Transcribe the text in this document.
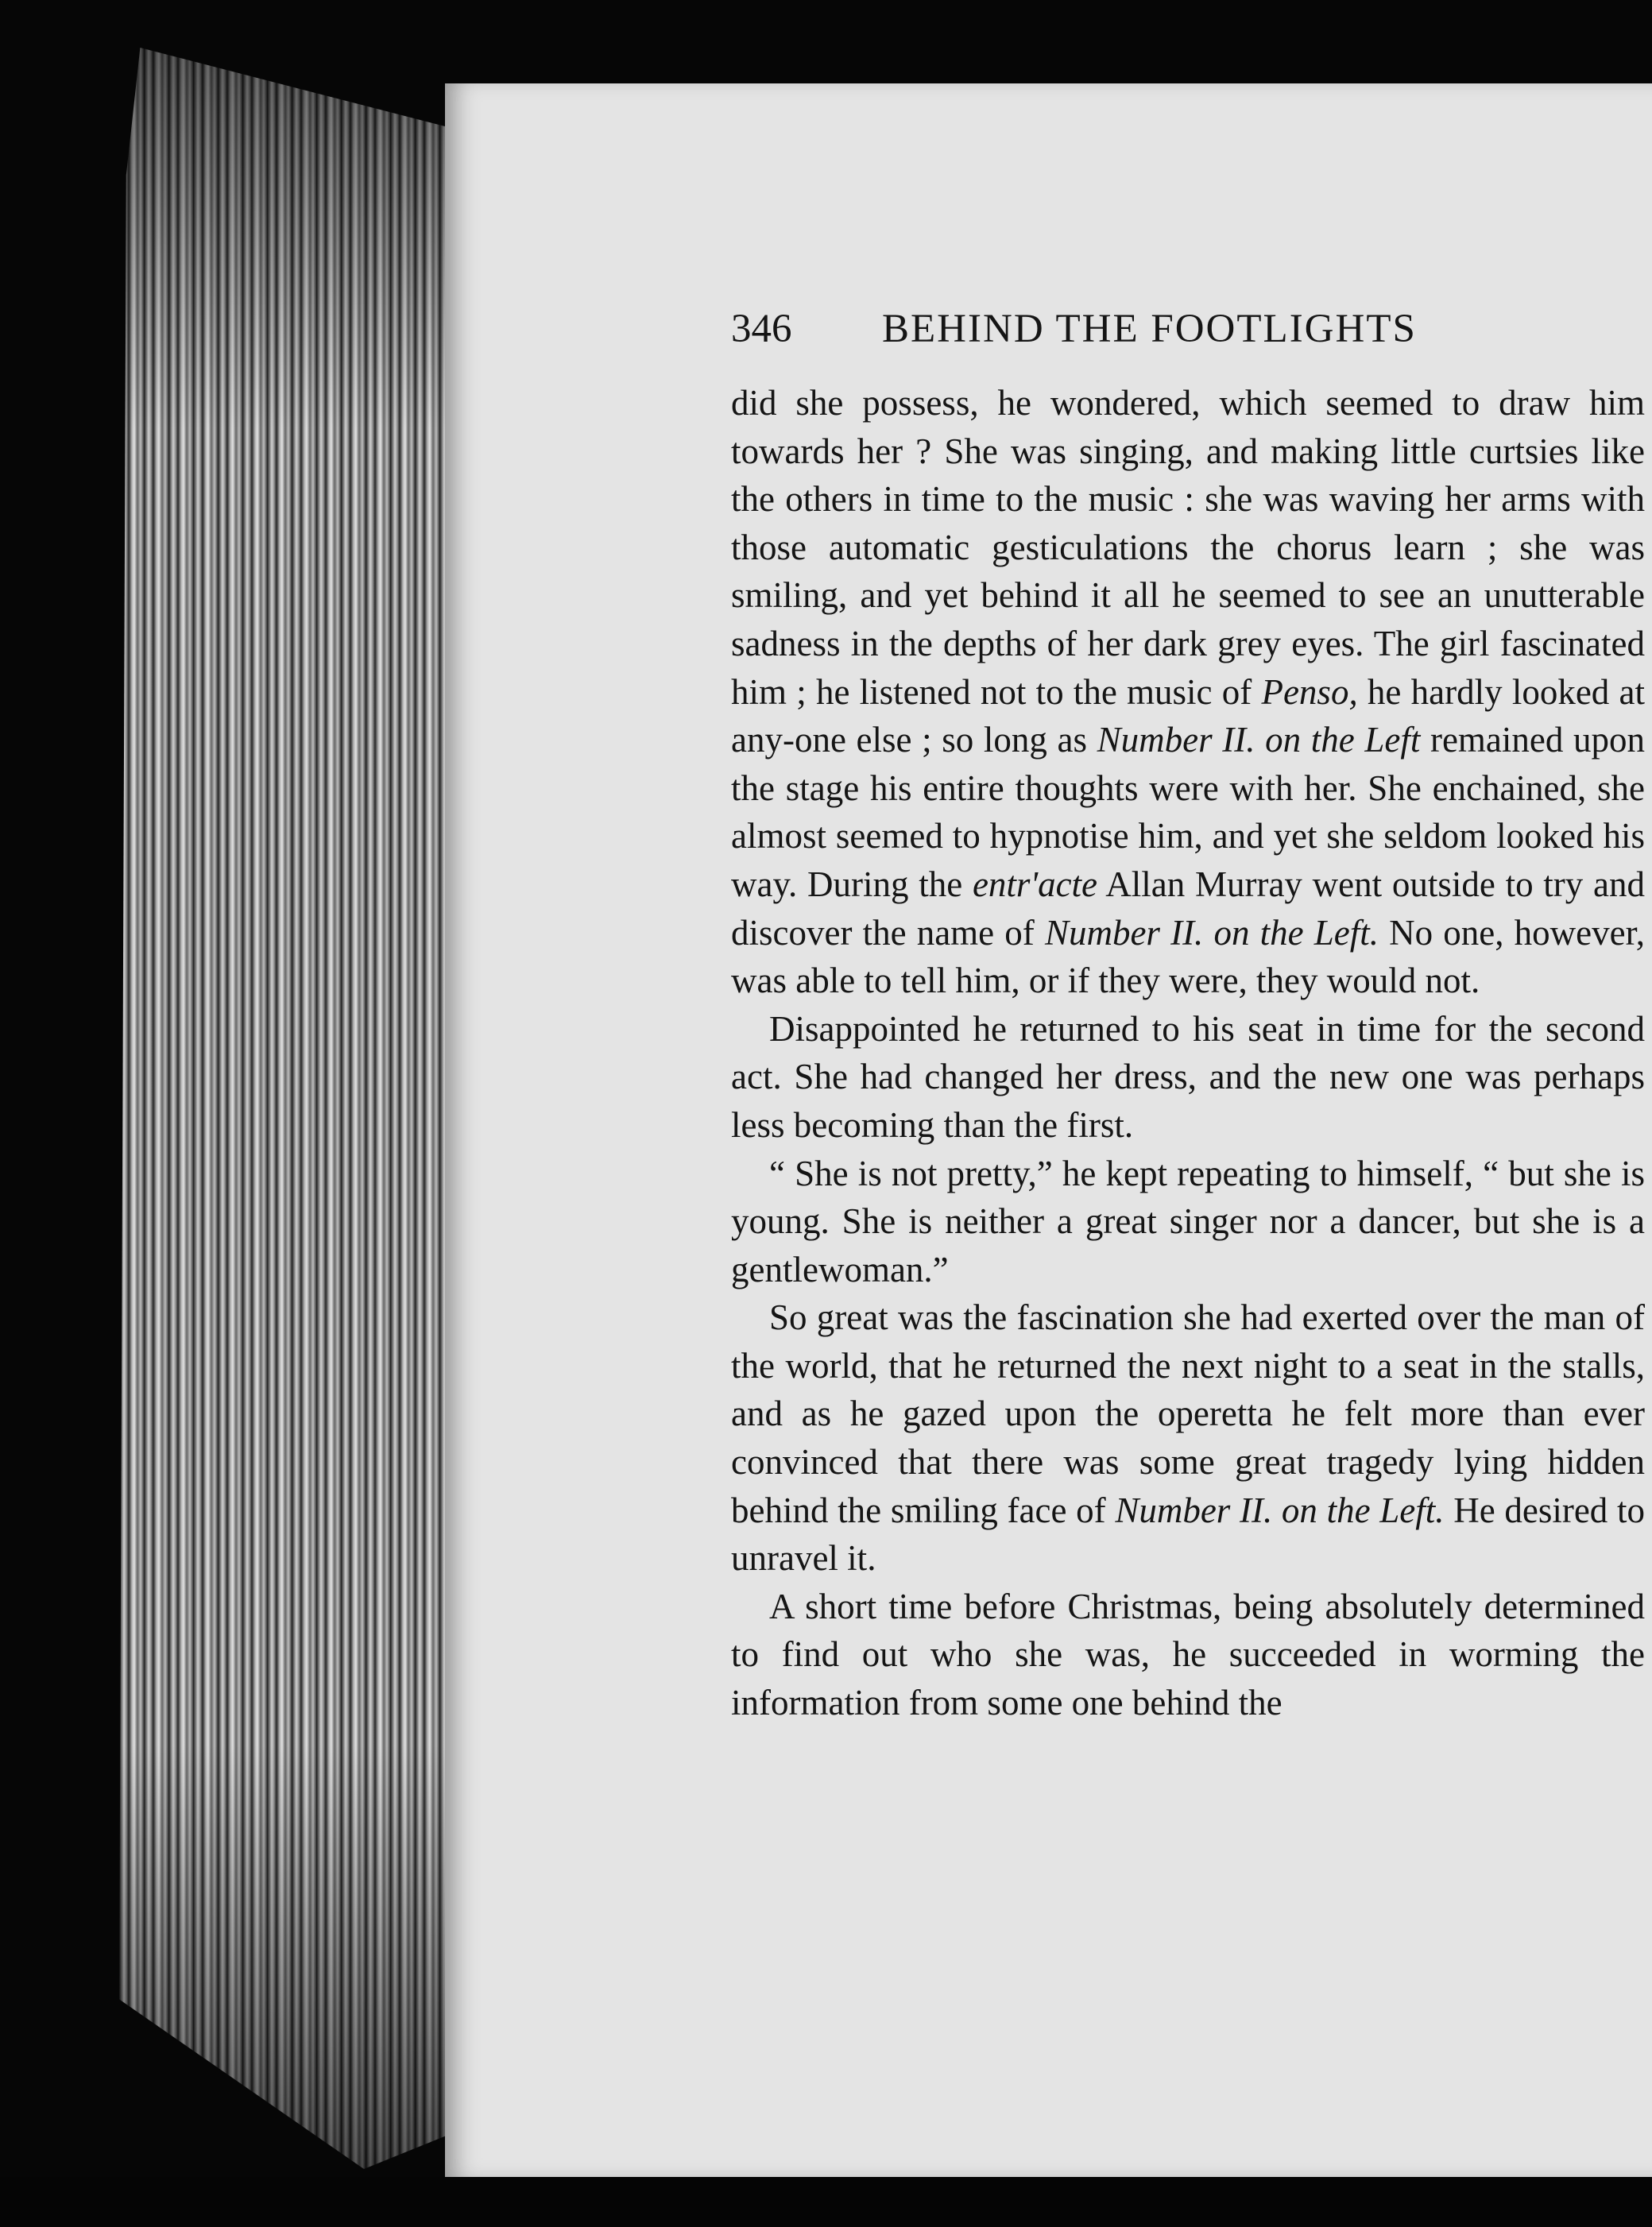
346	BEHIND THE FOOTLIGHTS

did she possess, he wondered, which seemed to draw him towards her ? She was singing, and making little curtsies like the others in time to the music : she was waving her arms with those automatic gesticulations the chorus learn ; she was smiling, and yet behind it all he seemed to see an unutterable sadness in the depths of her dark grey eyes. The girl fascinated him ; he listened not to the music of Penso, he hardly looked at any-one else ; so long as Number II. on the Left remained upon the stage his entire thoughts were with her. She enchained, she almost seemed to hypnotise him, and yet she seldom looked his way. During the entr'acte Allan Murray went outside to try and discover the name of Number II. on the Left. No one, however, was able to tell him, or if they were, they would not.

Disappointed he returned to his seat in time for the second act. She had changed her dress, and the new one was perhaps less becoming than the first.

“ She is not pretty,” he kept repeating to himself, “ but she is young. She is neither a great singer nor a dancer, but she is a gentlewoman.”

So great was the fascination she had exerted over the man of the world, that he returned the next night to a seat in the stalls, and as he gazed upon the operetta he felt more than ever convinced that there was some great tragedy lying hidden behind the smiling face of Number II. on the Left. He desired to unravel it.

A short time before Christmas, being absolutely determined to find out who she was, he succeeded in worming the information from some one behind the
